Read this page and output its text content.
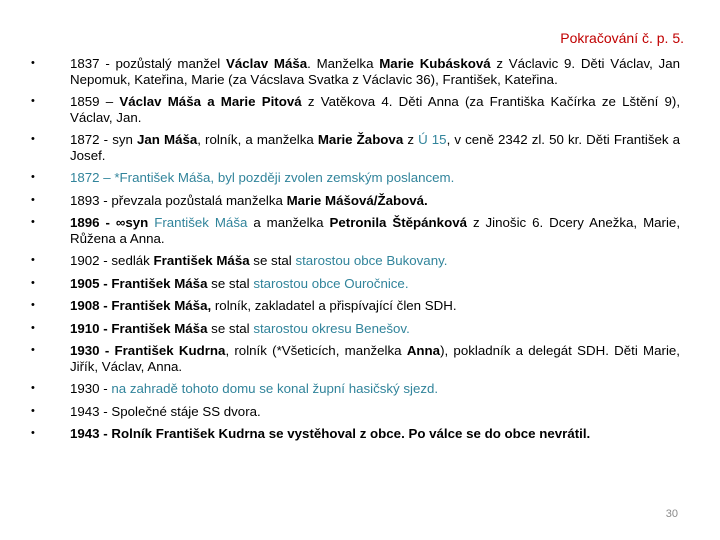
Pokračování č. p. 5.
•	1837 - pozůstalý manžel Václav Máša. Manželka Marie Kubásková z Václavic 9. Děti Václav, Jan Nepomuk, Kateřina, Marie (za Vácslava Svatka z Václavic 36), František, Kateřina.
•	1859 – Václav Máša a Marie Pitová z Vatěkova 4. Děti Anna (za Františka Kačírka ze Lštění 9), Václav, Jan.
•	1872 - syn Jan Máša, rolník, a manželka Marie Žabova z Ú 15, v ceně 2342 zl. 50 kr. Děti František a Josef.
•	1872 – *František Máša, byl později zvolen zemským poslancem.
•	1893 - převzala pozůstalá manželka Marie Mášová/Žabová.
•	1896 - ∞syn František Máša a manželka Petronila Štěpánková z Jinošic 6. Dcery Anežka, Marie, Růžena a Anna.
•	1902 - sedlák František Máša se stal starostou obce Bukovany.
•	1905 - František Máša se stal starostou obce Ouročnice.
•	1908 - František Máša, rolník, zakladatel a přispívající člen SDH.
•	1910 - František Máša se stal starostou okresu Benešov.
•	1930 - František Kudrna, rolník (*Všeticích, manželka Anna), pokladník a delegát SDH. Děti Marie, Jiřík, Václav, Anna.
•	1930 - na zahradě tohoto domu se konal župní hasičský sjezd.
•	1943 - Společné stáje SS dvora.
•	1943 - Rolník František Kudrna se vystěhoval z obce. Po válce se do obce nevrátil.
30
